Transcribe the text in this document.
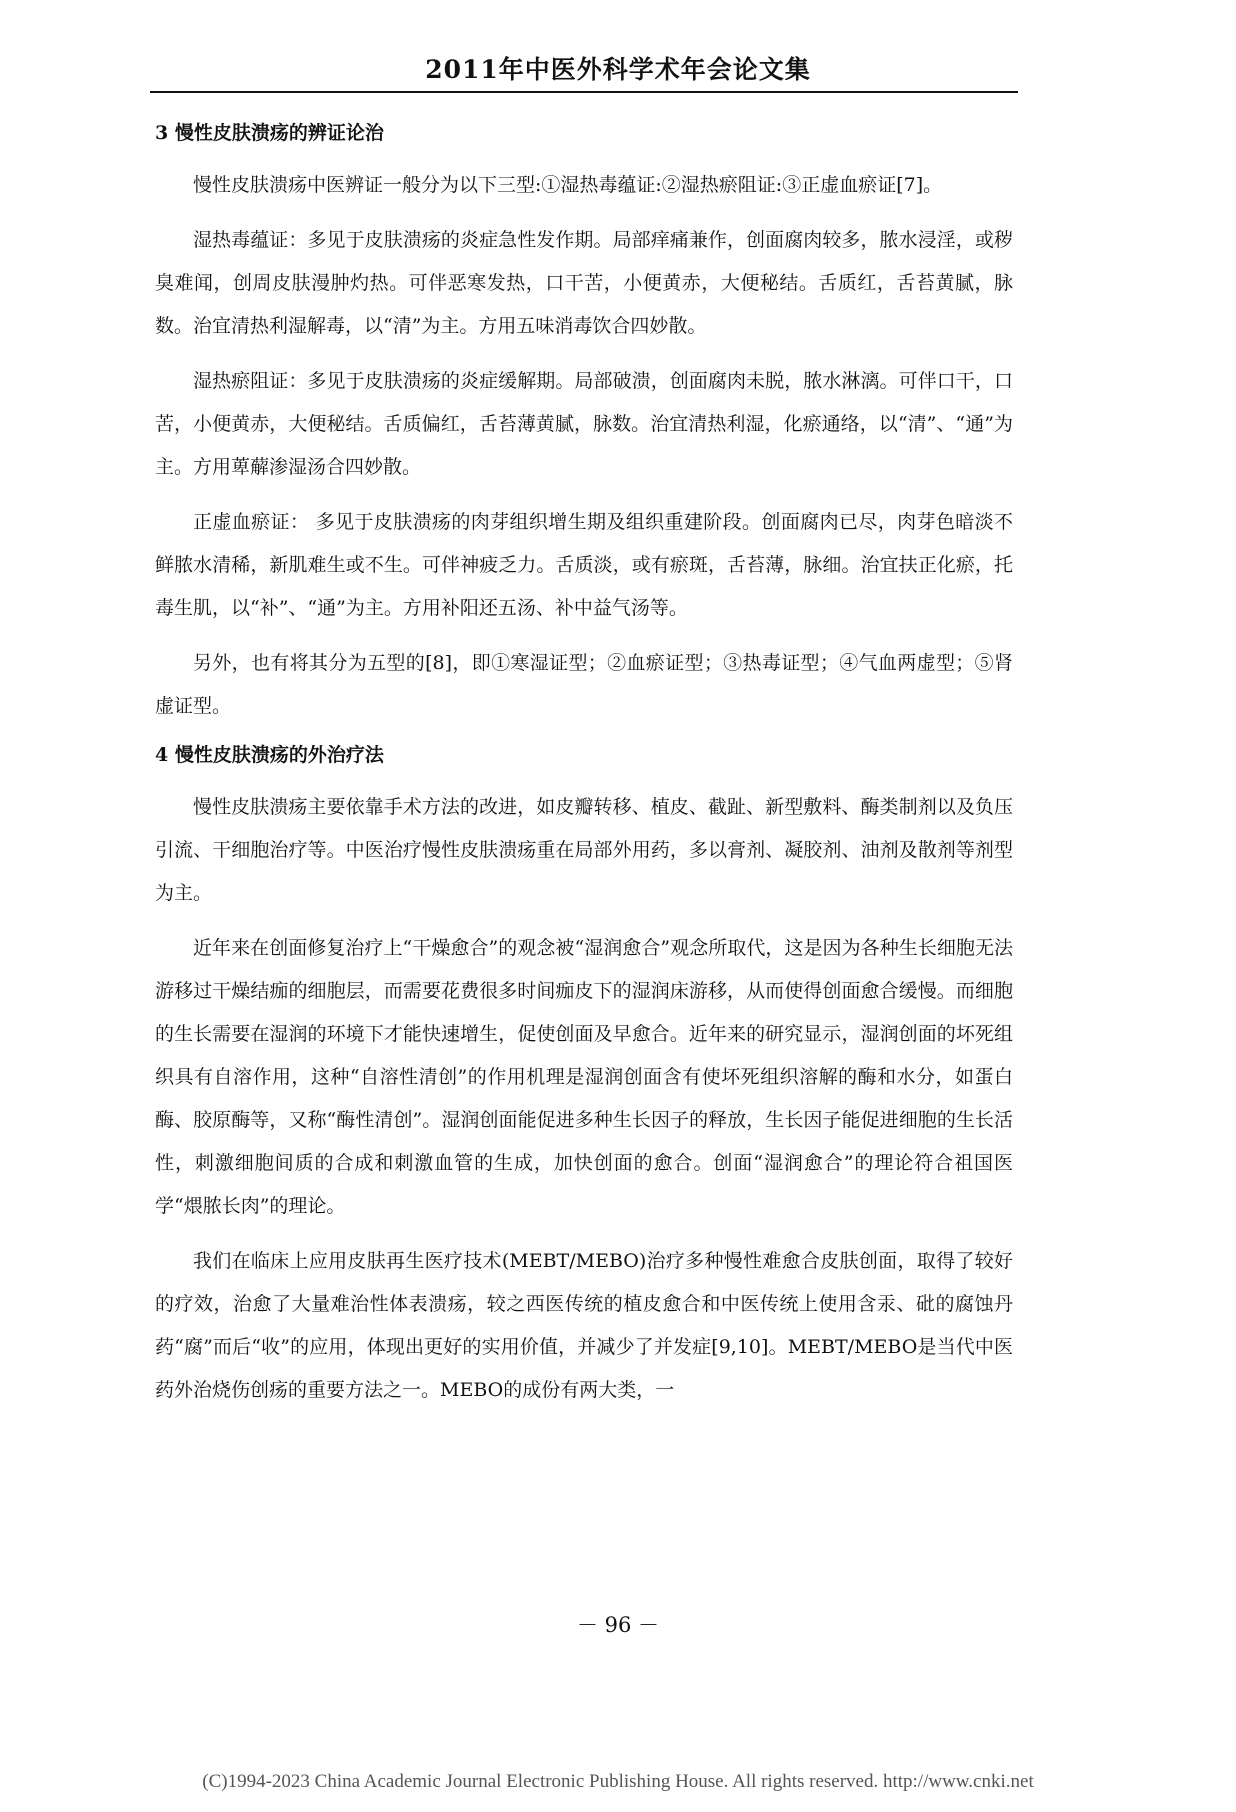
2011年中医外科学术年会论文集
3 慢性皮肤溃疡的辨证论治

慢性皮肤溃疡中医辨证一般分为以下三型:①湿热毒蕴证:②湿热瘀阻证:③正虚血瘀证[7]。

湿热毒蕴证：多见于皮肤溃疡的炎症急性发作期。局部痒痛兼作，创面腐肉较多，脓水浸淫，或秽臭难闻，创周皮肤漫肿灼热。可伴恶寒发热，口干苦，小便黄赤，大便秘结。舌质红，舌苔黄腻，脉数。治宜清热利湿解毒，以“清”为主。方用五味消毒饮合四妙散。

湿热瘀阻证：多见于皮肤溃疡的炎症缓解期。局部破溃，创面腐肉未脱，脓水淋漓。可伴口干，口苦，小便黄赤，大便秘结。舌质偏红，舌苔薄黄腻，脉数。治宜清热利湿，化瘀通络，以“清”、“通”为主。方用萆薢渗湿汤合四妙散。

正虚血瘀证： 多见于皮肤溃疡的肉芽组织增生期及组织重建阶段。创面腐肉已尽，肉芽色暗淡不鲜脓水清稀，新肌难生或不生。可伴神疲乏力。舌质淡，或有瘀斑，舌苔薄，脉细。治宜扶正化瘀，托毒生肌，以“补”、“通”为主。方用补阳还五汤、补中益气汤等。

另外，也有将其分为五型的[8]，即①寒湿证型；②血瘀证型；③热毒证型；④气血两虚型；⑤肾虚证型。

4 慢性皮肤溃疡的外治疗法

慢性皮肤溃疡主要依靠手术方法的改进，如皮瓣转移、植皮、截趾、新型敷料、酶类制剂以及负压引流、干细胞治疗等。中医治疗慢性皮肤溃疡重在局部外用药，多以膏剂、凝胶剂、油剂及散剂等剂型为主。

近年来在创面修复治疗上“干燥愈合”的观念被“湿润愈合”观念所取代，这是因为各种生长细胞无法游移过干燥结痂的细胞层，而需要花费很多时间痂皮下的湿润床游移，从而使得创面愈合缓慢。而细胞的生长需要在湿润的环境下才能快速增生，促使创面及早愈合。近年来的研究显示，湿润创面的坏死组织具有自溶作用，这种“自溶性清创”的作用机理是湿润创面含有使坏死组织溶解的酶和水分，如蛋白酶、胶原酶等，又称“酶性清创”。湿润创面能促进多种生长因子的释放，生长因子能促进细胞的生长活性，刺激细胞间质的合成和刺激血管的生成，加快创面的愈合。创面“湿润愈合”的理论符合祖国医学“煨脓长肉”的理论。

我们在临床上应用皮肤再生医疗技术(MEBT/MEBO)治疗多种慢性难愈合皮肤创面，取得了较好的疗效，治愈了大量难治性体表溃疡，较之西医传统的植皮愈合和中医传统上使用含汞、砒的腐蚀丹药“腐”而后“收”的应用，体现出更好的实用价值，并减少了并发症[9,10]。MEBT/MEBO是当代中医药外治烧伤创疡的重要方法之一。MEBO的成份有两大类，一

－ 96 －
(C)1994-2023 China Academic Journal Electronic Publishing House. All rights reserved. http://www.cnki.net
